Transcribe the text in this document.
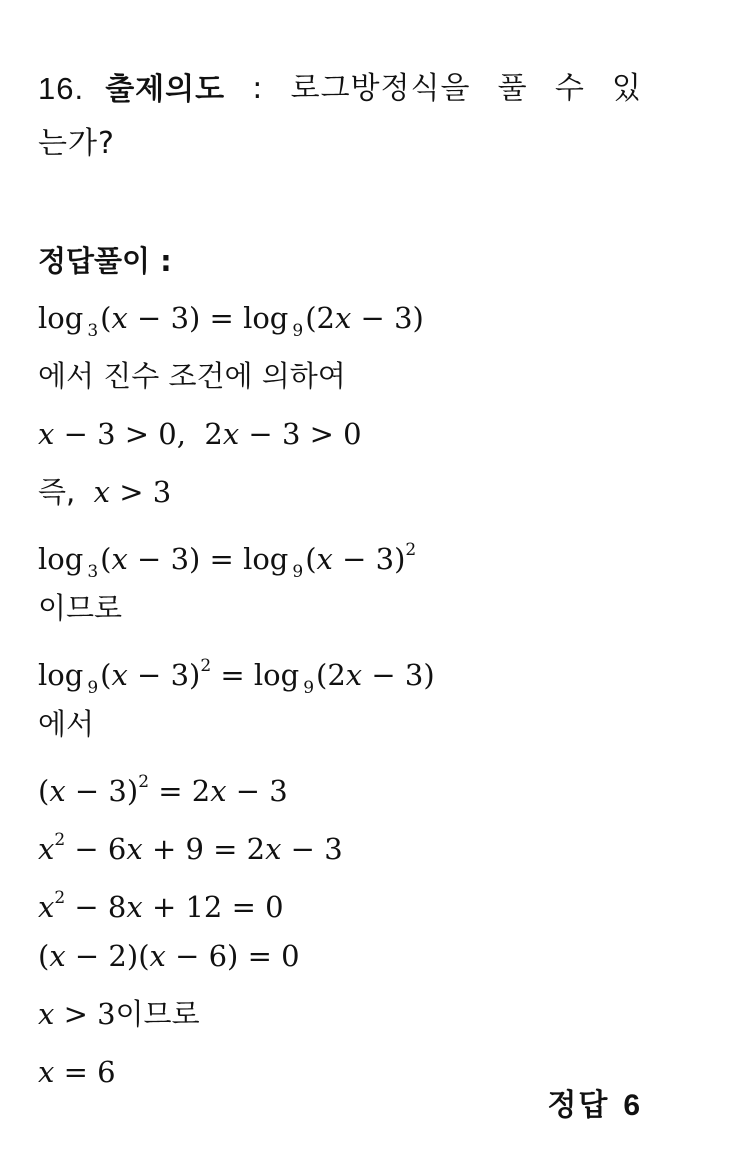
16. 출제의도 : 로그방정식을 풀 수 있
는가?
정답풀이 :
log $_3$(x − 3) = log $_9$(2x − 3)
에서 진수 조건에 의하여
x − 3 > 0,  2x − 3 > 0
즉,  x > 3
$\log _3(x - 3) = \log _9(x - 3)^2$
이므로
$\log _9(x - 3)^2 = \log _9(2x - 3)$
에서
$(x - 3)^2 = 2x - 3$
$x^2 - 6x + 9 = 2x - 3$
$x^2 - 8x + 12 = 0$
(x − 2)(x − 6) = 0
x > 3이므로
x = 6
정답 6
